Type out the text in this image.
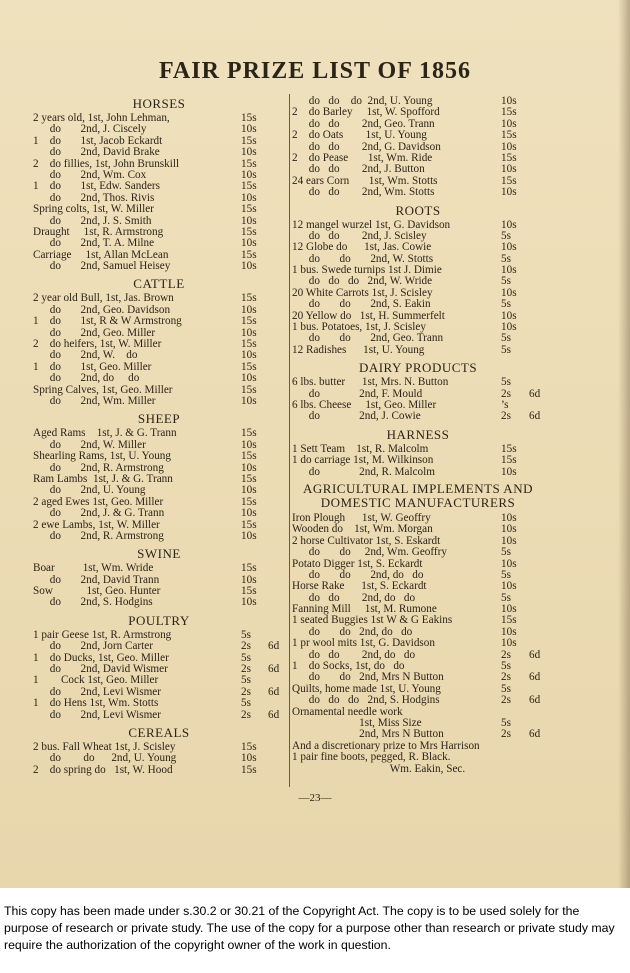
FAIR PRIZE LIST OF 1856
HORSES
2 years old, 1st, John Lehman,	15s
do       2nd, J. Ciscely	10s
1    do       1st, Jacob Eckardt	15s
do       2nd, David Brake	10s
2    do fillies, 1st, John Brunskill	15s
do       2nd, Wm. Cox	10s
1    do       1st, Edw. Sanders	15s
do       2nd, Thos. Rivis	10s
Spring colts, 1st, W. Miller	15s
do       2nd, J. S. Smith	10s
Draught     1st, R. Armstrong	15s
do       2nd, T. A. Milne	10s
Carriage     1st, Allan McLean	15s
do       2nd, Samuel Heisey	10s
CATTLE
2 year old Bull, 1st, Jas. Brown	15s
do       2nd, Geo. Davidson	10s
1    do       1st, R & W Armstrong	15s
do       2nd, Geo. Miller	10s
2    do heifers, 1st, W. Miller	15s
do       2nd, W.    do	10s
1    do       1st, Geo. Miller	15s
do       2nd, do     do	10s
Spring Calves, 1st, Geo. Miller	15s
do       2nd, Wm. Miller	10s
SHEEP
Aged Rams    1st, J. & G. Trann	15s
do       2nd, W. Miller	10s
Shearling Rams, 1st, U. Young	15s
do       2nd, R. Armstrong	10s
Ram Lambs  1st, J. & G. Trann	15s
do       2nd, U. Young	10s
2 aged Ewes 1st, Geo. Miller	15s
do       2nd, J. & G. Trann	10s
2 ewe Lambs, 1st, W. Miller	15s
do       2nd, R. Armstrong	10s
SWINE
Boar          1st, Wm. Wride	15s
do       2nd, David Trann	10s
Sow            1st, Geo. Hunter	15s
do       2nd, S. Hodgins	10s
POULTRY
1 pair Geese 1st, R. Armstrong	5s
do       2nd, Jorn Carter	2s 6d
1    do Ducks, 1st, Geo. Miller	5s
do       2nd, David Wismer	2s 6d
1        Cock 1st, Geo. Miller	5s
do       2nd, Levi Wismer	2s 6d
1    do Hens 1st, Wm. Stotts	5s
do       2nd, Levi Wismer	2s 6d
CEREALS
2 bus. Fall Wheat 1st, J. Scisley	15s
do        do      2nd, U. Young	10s
2    do spring do   1st, W. Hood	15s
do   do    do  2nd, U. Young	10s
2    do Barley     1st, W. Spofford	15s
do   do        2nd, Geo. Trann	10s
2    do Oats        1st, U. Young	15s
do   do        2nd, G. Davidson	10s
2    do Pease       1st, Wm. Ride	15s
do   do        2nd, J. Button	10s
24 ears Corn       1st, Wm. Stotts	15s
do   do        2nd, Wm. Stotts	10s
ROOTS
12 mangel wurzel 1st, G. Davidson	10s
do   do        2nd, J. Scisley	5s
12 Globe do      1st, Jas. Cowie	10s
do       do       2nd, W. Stotts	5s
1 bus. Swede turnips 1st J. Dimie	10s
do   do   do   2nd, W. Wride	5s
20 White Carrots 1st, J. Scisley	10s
do       do       2nd, S. Eakin	5s
20 Yellow do   1st, H. Summerfelt	10s
1 bus. Potatoes, 1st, J. Scisley	10s
do       do       2nd, Geo. Trann	5s
12 Radishes      1st, U. Young	5s
DAIRY PRODUCTS
6 lbs. butter      1st, Mrs. N. Button	5s
do              2nd, F. Mould	2s 6d
6 lbs. Cheese     1st, Geo. Miller	’s
do              2nd, J. Cowie	2s 6d
HARNESS
1 Sett Team    1st, R. Malcolm	15s
1 do carriage 1st, M. Wilkinson	15s
do              2nd, R. Malcolm	10s
AGRICULTURAL IMPLEMENTS AND DOMESTIC MANUFACTURERS
Iron Plough      1st, W. Geoffry	10s
Wooden do    1st, Wm. Morgan	10s
2 horse Cultivator 1st, S. Eskardt	10s
do       do     2nd, Wm. Geoffry	5s
Potato Digger 1st, S. Eckardt	10s
do       do       2nd, do   do	5s
Horse Rake      1st, S. Eckardt	10s
do   do        2nd, do   do	5s
Fanning Mill     1st, M. Rumone	10s
1 seated Buggies 1st W & G Eakins	15s
do       do   2nd, do   do	10s
1 pr wool mits 1st, G. Davidson	10s
do   do        2nd, do   do	2s 6d
1    do Socks, 1st, do   do	5s
do       do   2nd, Mrs N Button	2s 6d
Quilts, home made 1st, U. Young	5s
do   do   do   2nd, S. Hodgins	2s 6d
Ornamental needle work
1st, Miss Size	5s
2nd, Mrs N Button	2s 6d
And a discretionary prize to Mrs Harrison
1 pair fine boots, pegged, R. Black.
Wm. Eakin, Sec.
—23—
This copy has been made under s.30.2 or 30.21 of the Copyright Act. The copy is to be used solely for the purpose of research or private study. The use of the copy for a purpose other than research or private study may require the authorization of the copyright owner of the work in question.
